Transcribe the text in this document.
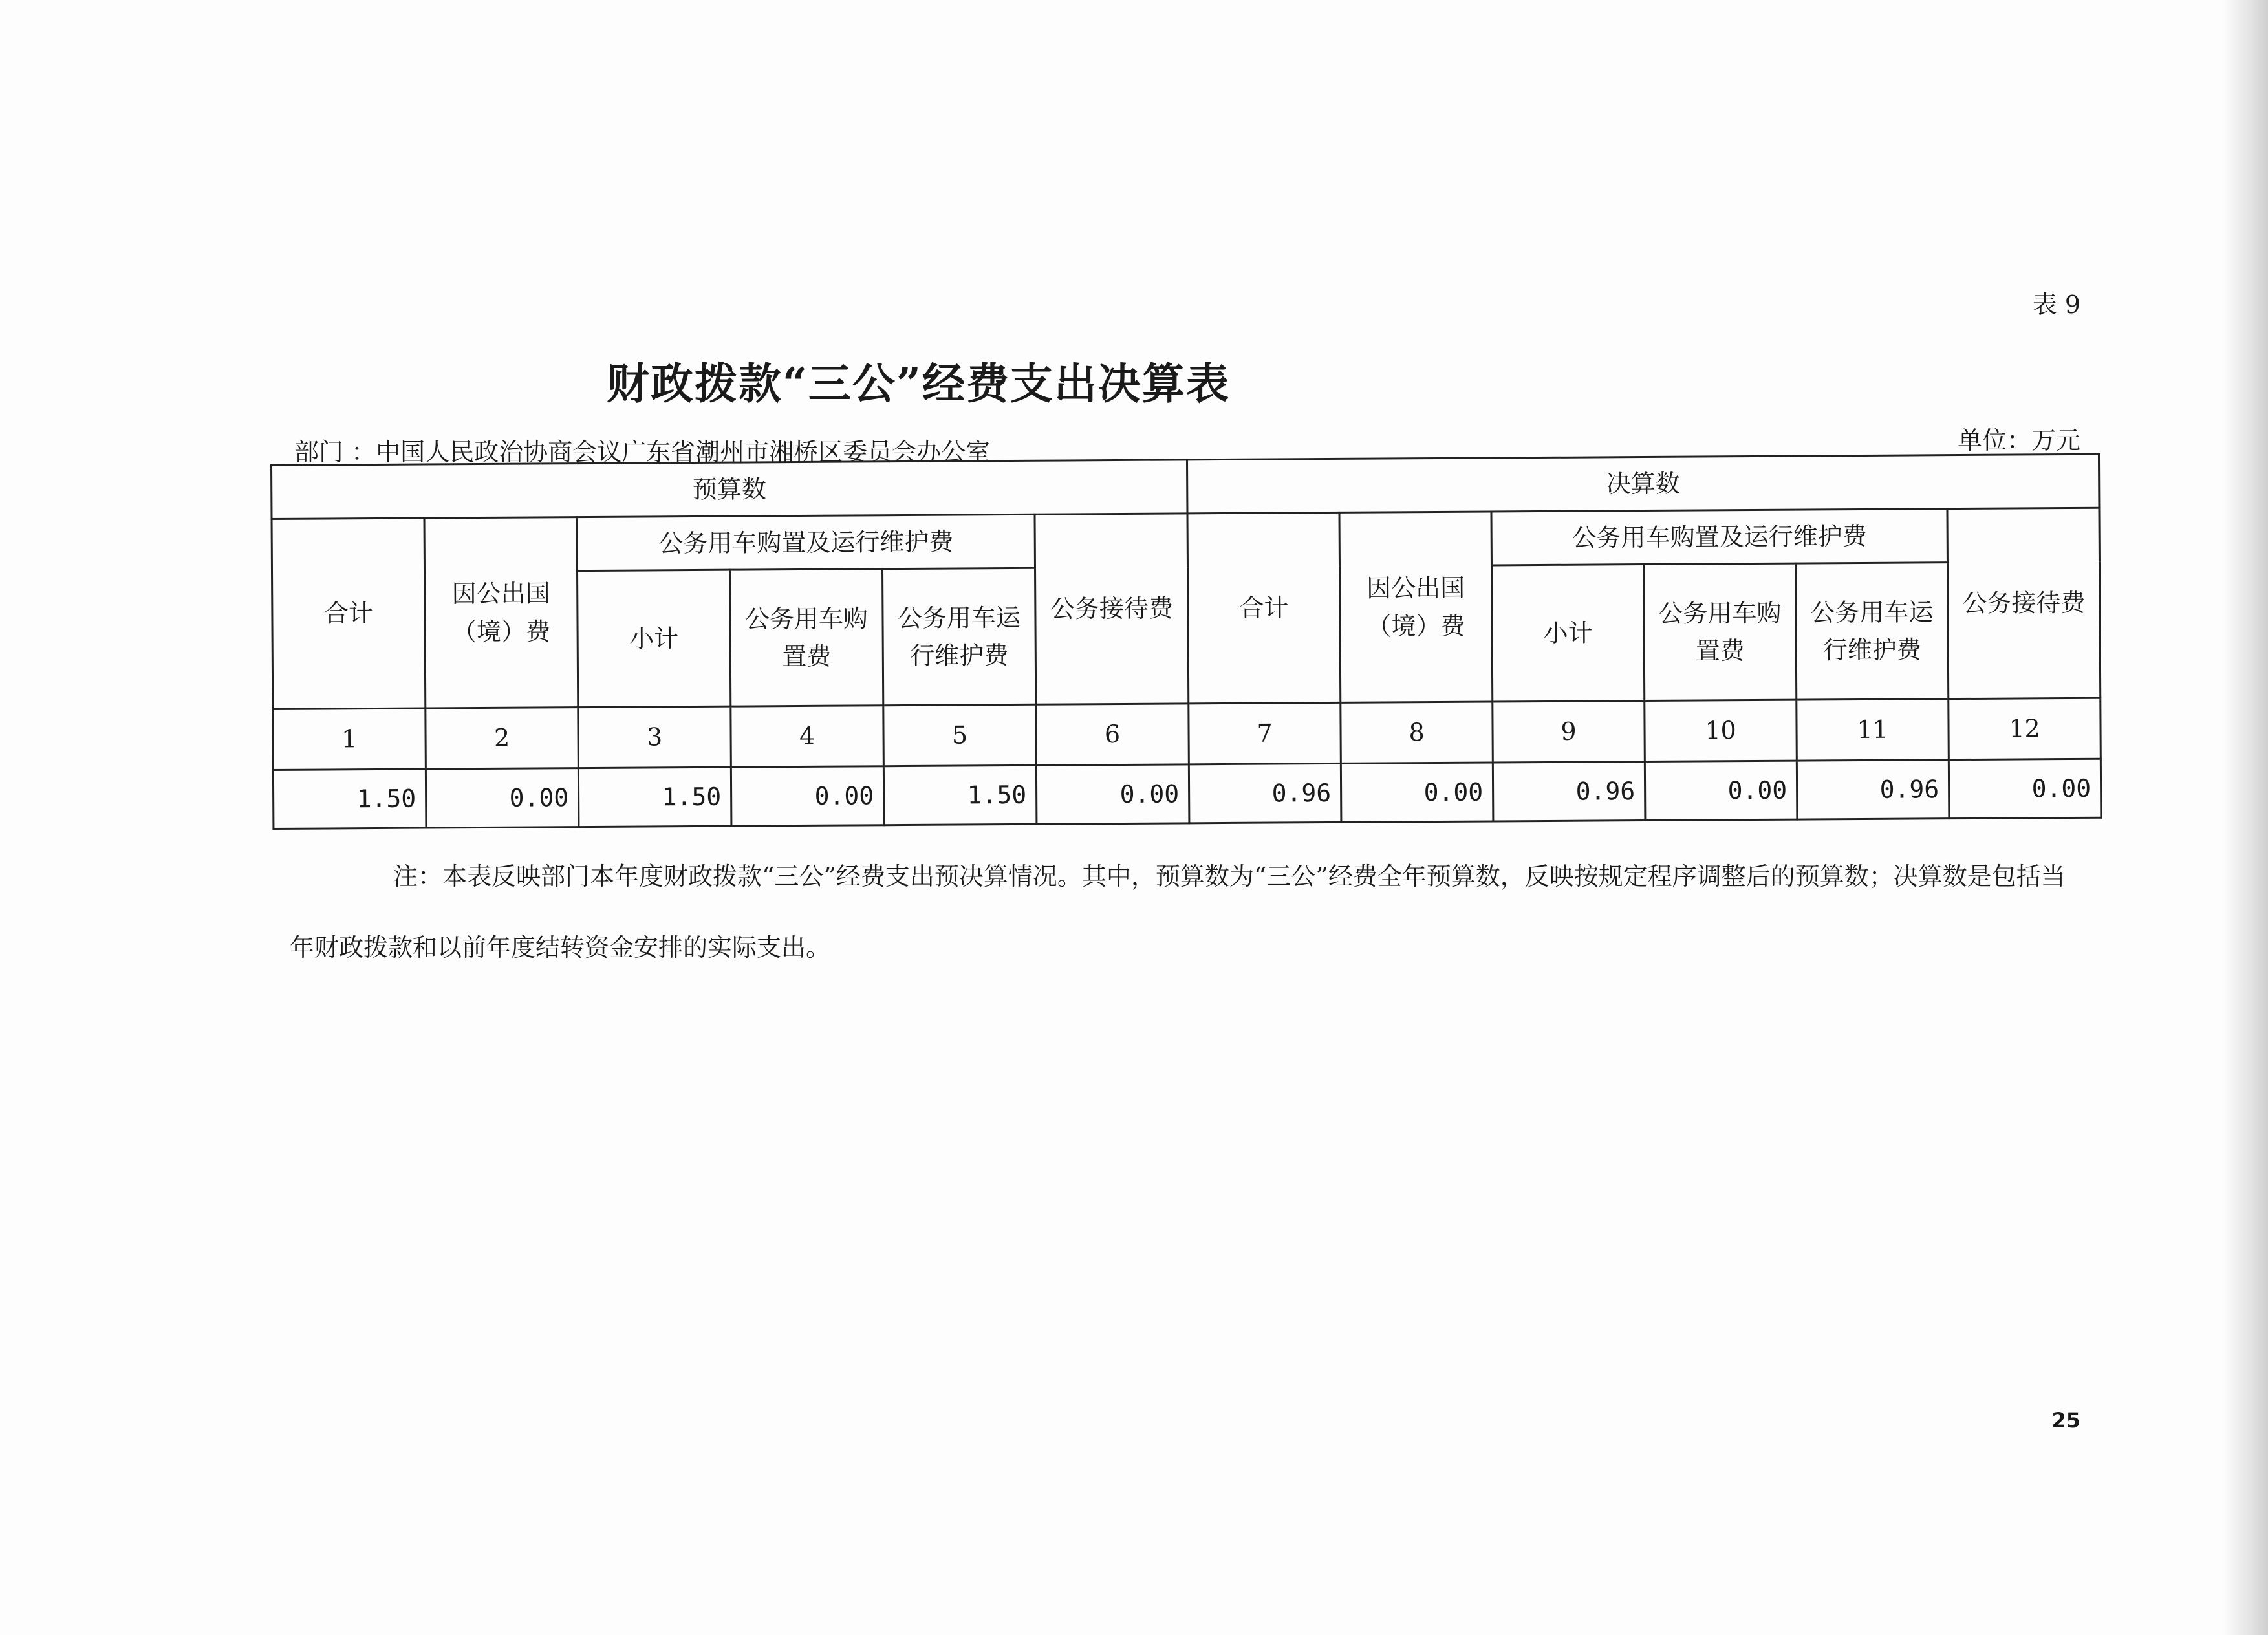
表 9
财政拨款“三公”经费支出决算表
部门 ：中国人民政治协商会议广东省潮州市湘桥区委员会办公室	单位：万元
预算数						决算数					
合计	因公出国（境）费	公务用车购置及运行维护费			公务接待费	合计	因公出国（境）费	公务用车购置及运行维护费			公务接待费
		小计	公务用车购置费	公务用车运行维护费				小计	公务用车购置费	公务用车运行维护费	
1	2	3	4	5	6	7	8	9	10	11	12
1.50	0.00	1.50	0.00	1.50	0.00	0.96	0.00	0.96	0.00	0.96	0.00
注：本表反映部门本年度财政拨款“三公”经费支出预决算情况。其中，预算数为“三公”经费全年预算数，反映按规定程序调整后的预算数；决算数是包括当年财政拨款和以前年度结转资金安排的实际支出。
25
